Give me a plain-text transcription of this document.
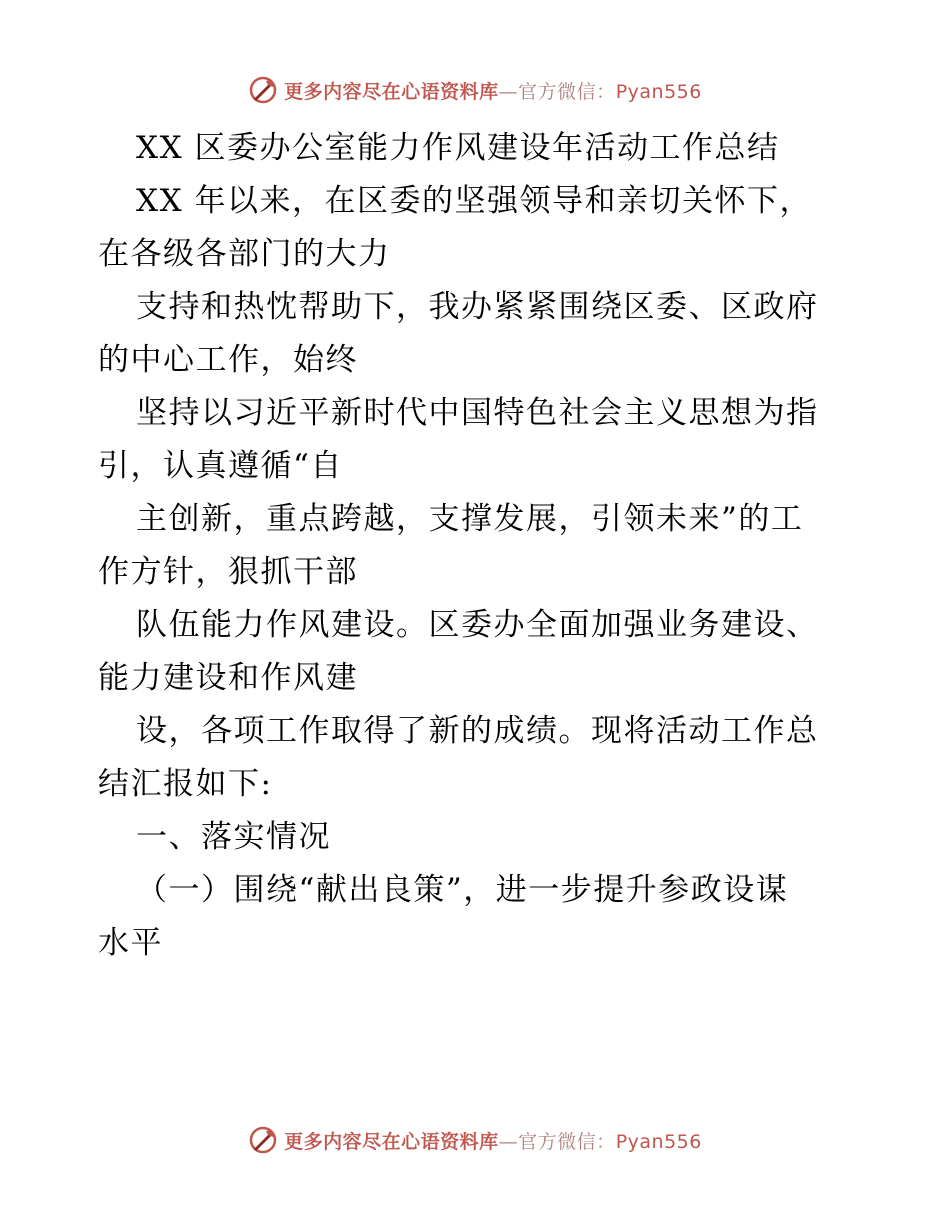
更多内容尽在心语资料库—官方微信：Pyan556
XX 区委办公室能力作风建设年活动工作总结
XX 年以来，在区委的坚强领导和亲切关怀下，
在各级各部门的大力
支持和热忱帮助下，我办紧紧围绕区委、区政府
的中心工作，始终
坚持以习近平新时代中国特色社会主义思想为指
引，认真遵循“自
主创新，重点跨越，支撑发展，引领未来”的工
作方针，狠抓干部
队伍能力作风建设。区委办全面加强业务建设、
能力建设和作风建
设，各项工作取得了新的成绩。现将活动工作总
结汇报如下:
一、落实情况
（一）围绕“献出良策”，进一步提升参政设谋
水平
更多内容尽在心语资料库—官方微信：Pyan556
